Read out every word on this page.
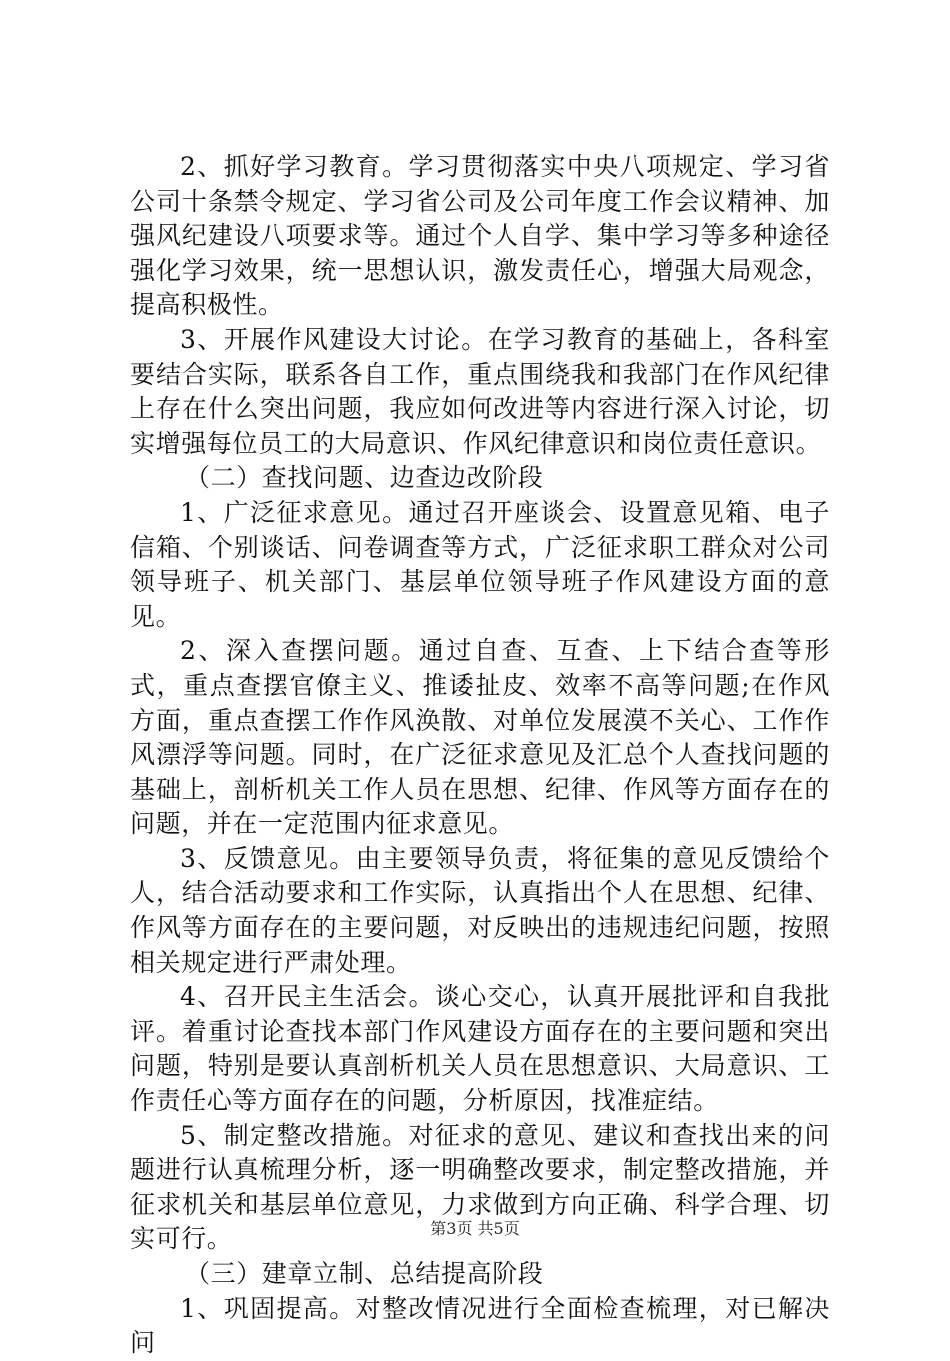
2、抓好学习教育。学习贯彻落实中央八项规定、学习省公司十条禁令规定、学习省公司及公司年度工作会议精神、加强风纪建设八项要求等。通过个人自学、集中学习等多种途径强化学习效果，统一思想认识，激发责任心，增强大局观念，提高积极性。

3、开展作风建设大讨论。在学习教育的基础上，各科室要结合实际，联系各自工作，重点围绕我和我部门在作风纪律上存在什么突出问题，我应如何改进等内容进行深入讨论，切实增强每位员工的大局意识、作风纪律意识和岗位责任意识。

（二）查找问题、边查边改阶段

1、广泛征求意见。通过召开座谈会、设置意见箱、电子信箱、个别谈话、问卷调查等方式，广泛征求职工群众对公司领导班子、机关部门、基层单位领导班子作风建设方面的意见。

2、深入查摆问题。通过自查、互查、上下结合查等形式，重点查摆官僚主义、推诿扯皮、效率不高等问题;在作风方面，重点查摆工作作风涣散、对单位发展漠不关心、工作作风漂浮等问题。同时，在广泛征求意见及汇总个人查找问题的基础上，剖析机关工作人员在思想、纪律、作风等方面存在的问题，并在一定范围内征求意见。

3、反馈意见。由主要领导负责，将征集的意见反馈给个人，结合活动要求和工作实际，认真指出个人在思想、纪律、作风等方面存在的主要问题，对反映出的违规违纪问题，按照相关规定进行严肃处理。

4、召开民主生活会。谈心交心，认真开展批评和自我批评。着重讨论查找本部门作风建设方面存在的主要问题和突出问题，特别是要认真剖析机关人员在思想意识、大局意识、工作责任心等方面存在的问题，分析原因，找准症结。

5、制定整改措施。对征求的意见、建议和查找出来的问题进行认真梳理分析，逐一明确整改要求，制定整改措施，并征求机关和基层单位意见，力求做到方向正确、科学合理、切实可行。

（三）建章立制、总结提高阶段

1、巩固提高。对整改情况进行全面检查梳理，对已解决问

第3页 共5页
